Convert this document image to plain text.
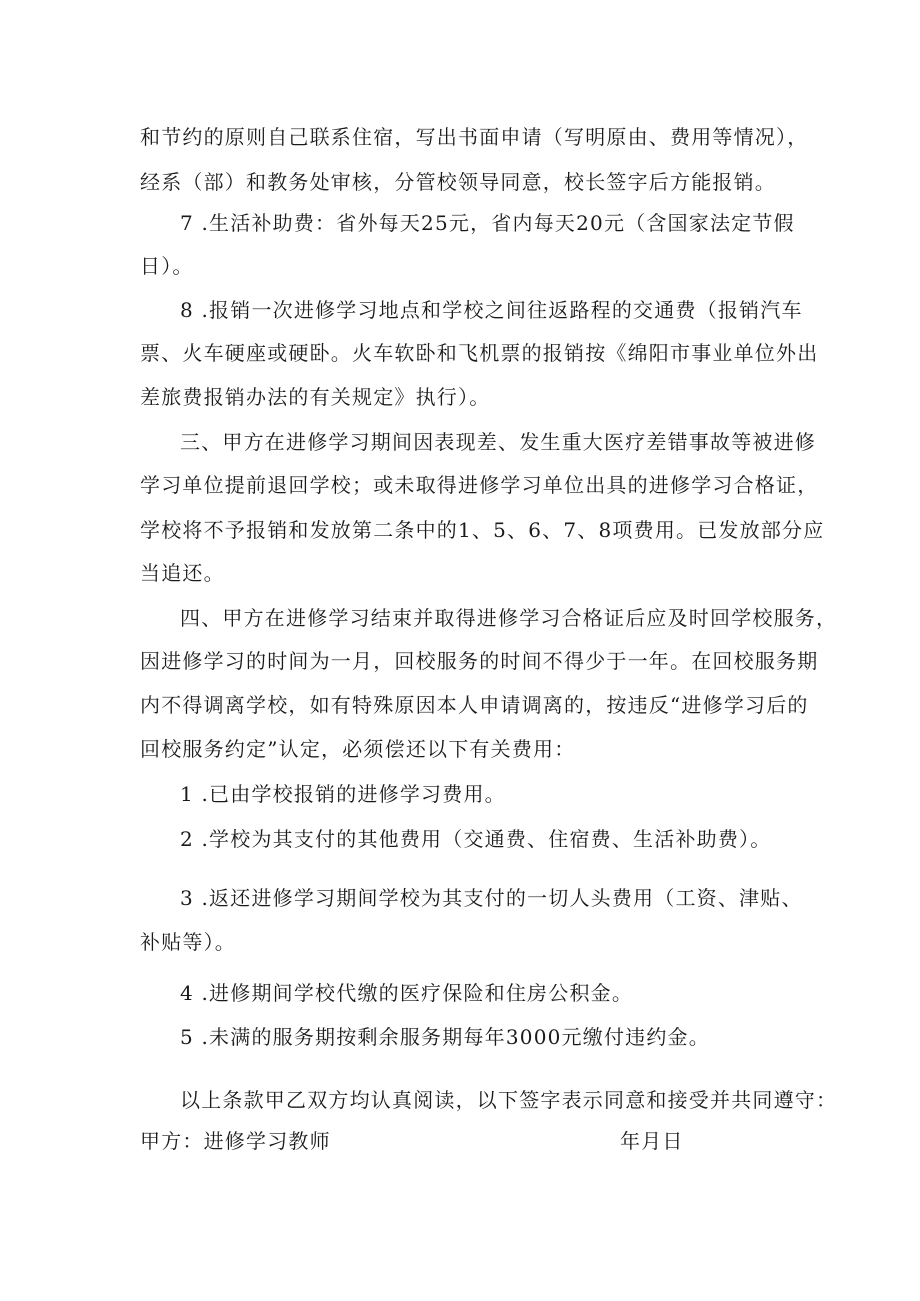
和节约的原则自己联系住宿，写出书面申请（写明原由、费用等情况），
经系（部）和教务处审核，分管校领导同意，校长签字后方能报销。
7 .生活补助费：省外每天25元，省内每天20元（含国家法定节假
日）。
8 .报销一次进修学习地点和学校之间往返路程的交通费（报销汽车
票、火车硬座或硬卧。火车软卧和飞机票的报销按《绵阳市事业单位外出
差旅费报销办法的有关规定》执行）。
三、甲方在进修学习期间因表现差、发生重大医疗差错事故等被进修
学习单位提前退回学校；或未取得进修学习单位出具的进修学习合格证，
学校将不予报销和发放第二条中的1、5、6、7、8项费用。已发放部分应
当追还。
四、甲方在进修学习结束并取得进修学习合格证后应及时回学校服务，
因进修学习的时间为一月，回校服务的时间不得少于一年。在回校服务期
内不得调离学校，如有特殊原因本人申请调离的，按违反“进修学习后的
回校服务约定”认定，必须偿还以下有关费用：
1 .已由学校报销的进修学习费用。
2 .学校为其支付的其他费用（交通费、住宿费、生活补助费）。
3 .返还进修学习期间学校为其支付的一切人头费用（工资、津贴、
补贴等）。
4 .进修期间学校代缴的医疗保险和住房公积金。
5 .未满的服务期按剩余服务期每年3000元缴付违约金。
以上条款甲乙双方均认真阅读，以下签字表示同意和接受并共同遵守：
甲方：进修学习教师	年月日
